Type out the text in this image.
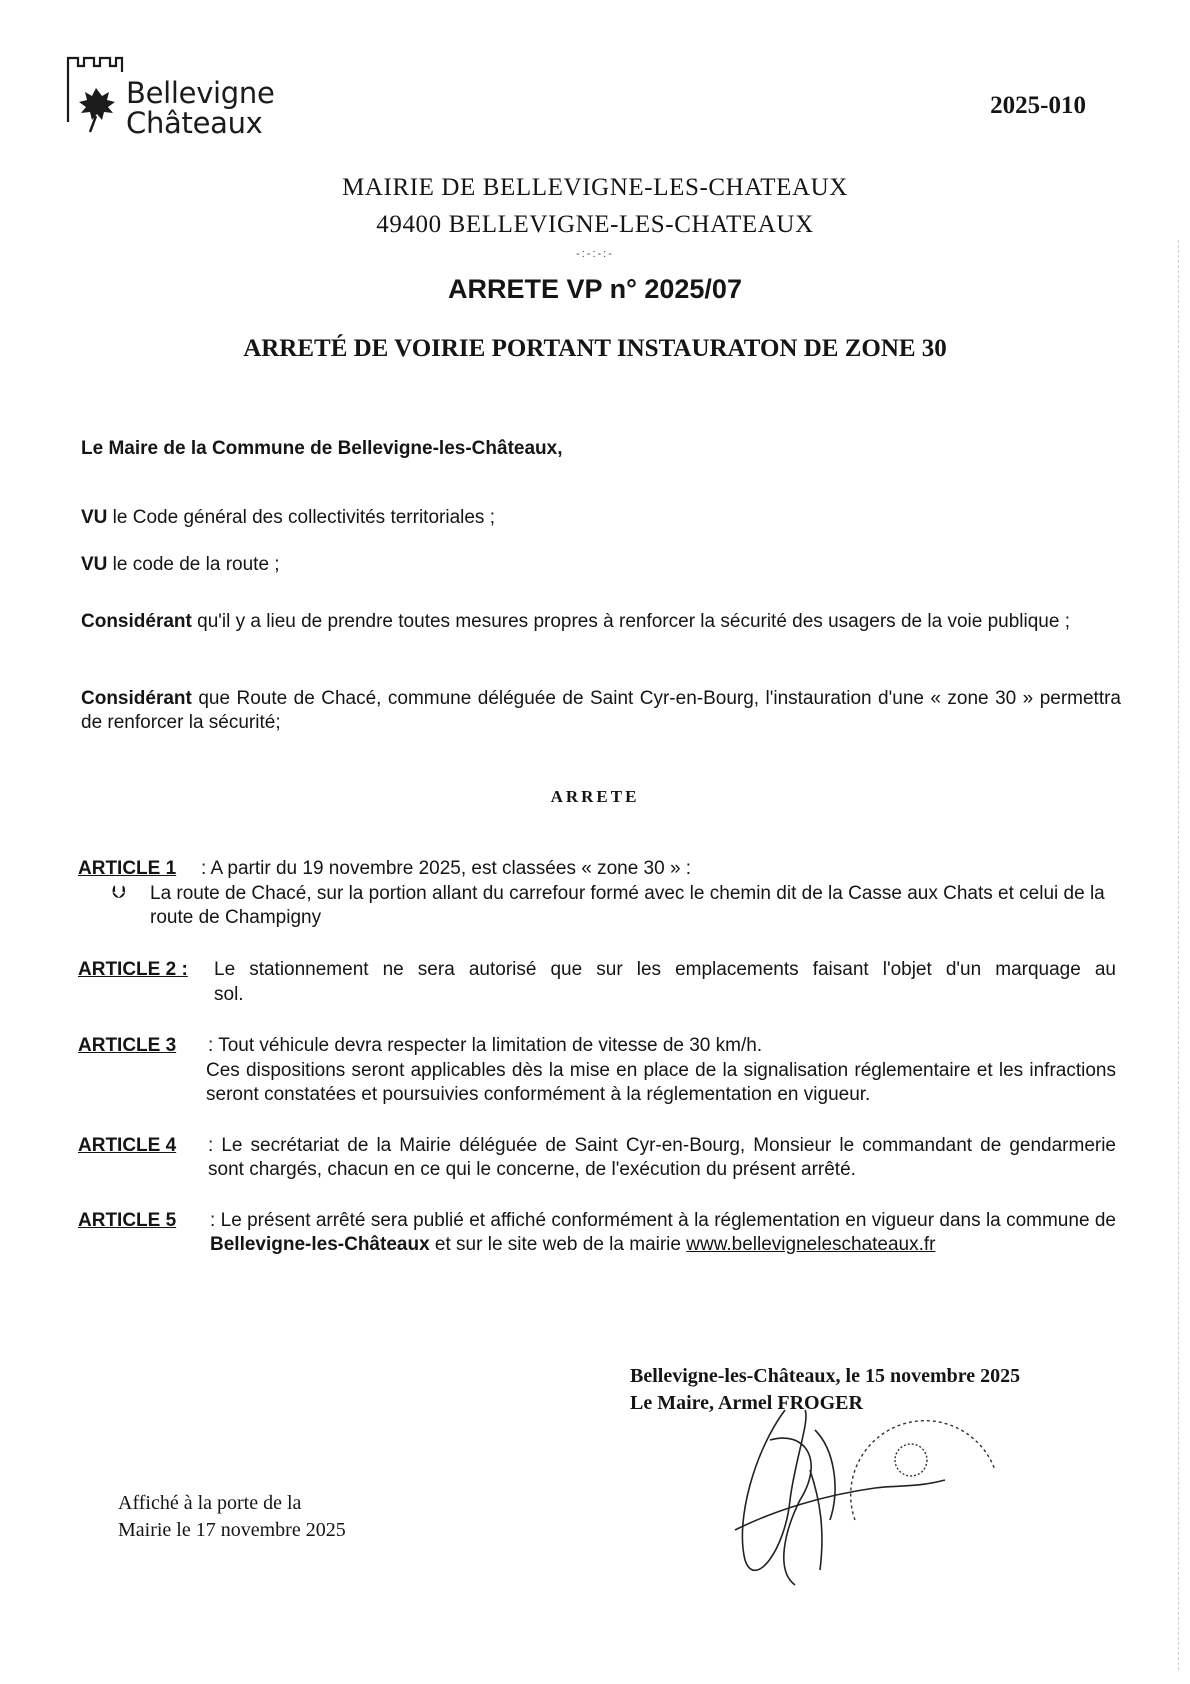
Bellevigne
Châteaux
2025-010
MAIRIE DE BELLEVIGNE-LES-CHATEAUX
49400 BELLEVIGNE-LES-CHATEAUX
-:-:-:-
ARRETE VP n° 2025/07
ARRETÉ DE VOIRIE PORTANT INSTAURATON DE ZONE 30
Le Maire de la Commune de Bellevigne-les-Châteaux,
VU le Code général des collectivités territoriales ;
VU le code de la route ;
Considérant qu'il y a lieu de prendre toutes mesures propres à renforcer la sécurité des usagers de la voie publique ;
Considérant que Route de Chacé, commune déléguée de Saint Cyr-en-Bourg, l'instauration d'une « zone 30 » permettra de renforcer la sécurité;
ARRETE
ARTICLE 1 : A partir du 19 novembre 2025, est classées « zone 30 » :
⮋ La route de Chacé, sur la portion allant du carrefour formé avec le chemin dit de la Casse aux Chats et celui de la route de Champigny
ARTICLE 2 : Le stationnement ne sera autorisé que sur les emplacements faisant l'objet d'un marquage au
sol.
ARTICLE 3 : Tout véhicule devra respecter la limitation de vitesse de 30 km/h.
Ces dispositions seront applicables dès la mise en place de la signalisation réglementaire et les infractions seront constatées et poursuivies conformément à la réglementation en vigueur.
ARTICLE 4 : Le secrétariat de la Mairie déléguée de Saint Cyr-en-Bourg, Monsieur le commandant de gendarmerie sont chargés, chacun en ce qui le concerne, de l'exécution du présent arrêté.
ARTICLE 5 : Le présent arrêté sera publié et affiché conformément à la réglementation en vigueur dans la commune de Bellevigne-les-Châteaux et sur le site web de la mairie www.bellevigneleschateaux.fr
Bellevigne-les-Châteaux, le 15 novembre 2025
Le Maire, Armel FROGER
Affiché à la porte de la
Mairie le 17 novembre 2025
